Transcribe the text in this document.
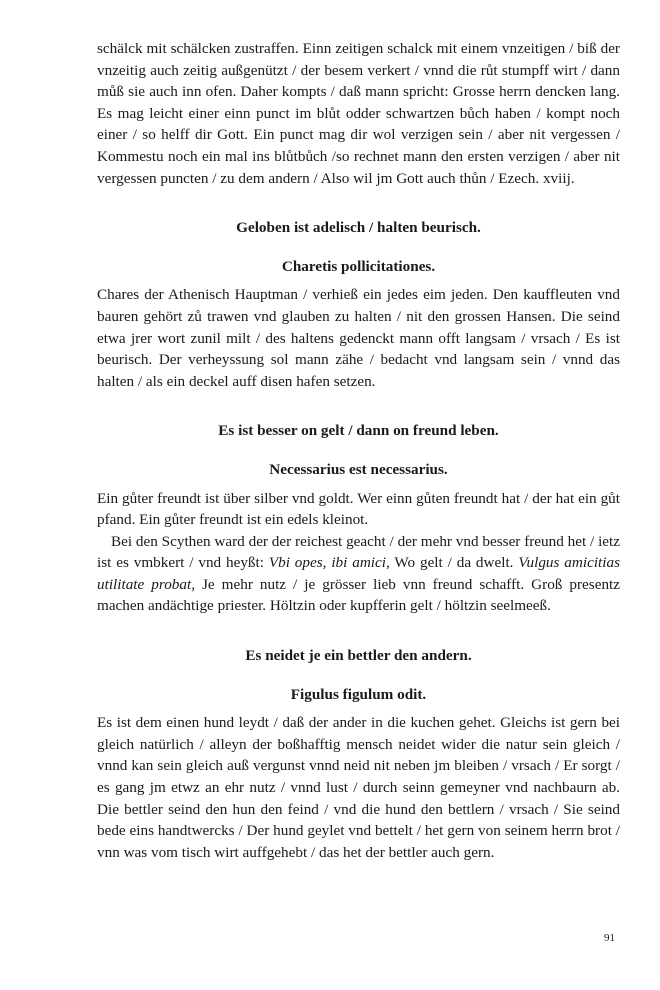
schälck mit schälcken zustraffen. Einn zeitigen schalck mit einem vnzeitigen / biß der vnzeitig auch zeitig außgenützt / der besem verkert / vnnd die růt stumpff wirt / dann můß sie auch inn ofen. Daher kompts / daß mann spricht: Grosse herrn dencken lang. Es mag leicht einer einn punct im blůt odder schwartzen bůch haben / kompt noch einer / so helff dir Gott. Ein punct mag dir wol verzigen sein / aber nit vergessen / Kommestu noch ein mal ins blůtbůch /so rechnet mann den ersten verzigen / aber nit vergessen puncten / zu dem andern / Also wil jm Gott auch thůn / Ezech. xviij.

Geloben ist adelisch / halten beurisch.
Charetis pollicitationes.

Chares der Athenisch Hauptman / verhieß ein jedes eim jeden. Den kauffleuten vnd bauren gehört zů trawen vnd glauben zu halten / nit den grossen Hansen. Die seind etwa jrer wort zunil milt / des haltens gedenckt mann offt langsam / vrsach / Es ist beurisch. Der verheyssung sol mann zähe / bedacht vnd langsam sein / vnnd das halten / als ein deckel auff disen hafen setzen.

Es ist besser on gelt / dann on freund leben.
Necessarius est necessarius.

Ein gůter freundt ist über silber vnd goldt. Wer einn gůten freundt hat / der hat ein gůt pfand. Ein gůter freundt ist ein edels kleinot.

Bei den Scythen ward der der reichest geacht / der mehr vnd besser freund het / ietz ist es vmbkert / vnd heyßt: Vbi opes, ibi amici, Wo gelt / da dwelt. Vulgus amicitias utilitate probat, Je mehr nutz / je grösser lieb vnn freund schafft. Groß presentz machen andächtige priester. Höltzin oder kupfferin gelt / höltzin seelmeeß.

Es neidet je ein bettler den andern.
Figulus figulum odit.

Es ist dem einen hund leydt / daß der ander in die kuchen gehet. Gleichs ist gern bei gleich natürlich / alleyn der boßhafftig mensch neidet wider die natur sein gleich / vnnd kan sein gleich auß vergunst vnnd neid nit neben jm bleiben / vrsach / Er sorgt / es gang jm etwz an ehr nutz / vnnd lust / durch seinn gemeyner vnd nachbaurn ab. Die bettler seind den hun den feind / vnd die hund den bettlern / vrsach / Sie seind bede eins handtwercks / Der hund geylet vnd bettelt / het gern von seinem herrn brot / vnn was vom tisch wirt auffgehebt / das het der bettler auch gern.

91
